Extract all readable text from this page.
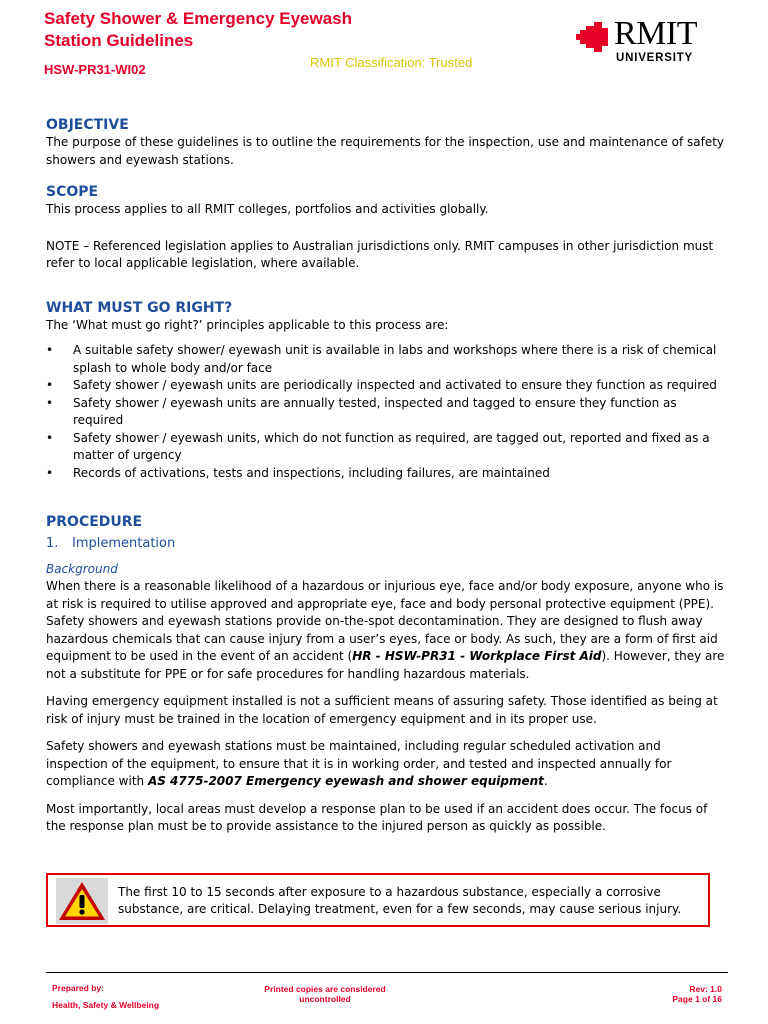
Safety Shower & Emergency Eyewash Station Guidelines
HSW-PR31-WI02	RMIT Classification: Trusted
RMIT
UNIVERSITY
OBJECTIVE

The purpose of these guidelines is to outline the requirements for the inspection, use and maintenance of safety showers and eyewash stations.

SCOPE

This process applies to all RMIT colleges, portfolios and activities globally.

NOTE – Referenced legislation applies to Australian jurisdictions only. RMIT campuses in other jurisdiction must refer to local applicable legislation, where available.

WHAT MUST GO RIGHT?

The ‘What must go right?’ principles applicable to this process are:

• A suitable safety shower/ eyewash unit is available in labs and workshops where there is a risk of chemical splash to whole body and/or face
• Safety shower / eyewash units are periodically inspected and activated to ensure they function as required
• Safety shower / eyewash units are annually tested, inspected and tagged to ensure they function as required
• Safety shower / eyewash units, which do not function as required, are tagged out, reported and fixed as a matter of urgency
• Records of activations, tests and inspections, including failures, are maintained
PROCEDURE
1. Implementation
Background

When there is a reasonable likelihood of a hazardous or injurious eye, face and/or body exposure, anyone who is at risk is required to utilise approved and appropriate eye, face and body personal protective equipment (PPE). Safety showers and eyewash stations provide on-the-spot decontamination. They are designed to flush away hazardous chemicals that can cause injury from a user’s eyes, face or body. As such, they are a form of first aid equipment to be used in the event of an accident (HR - HSW-PR31 - Workplace First Aid). However, they are not a substitute for PPE or for safe procedures for handling hazardous materials.

Having emergency equipment installed is not a sufficient means of assuring safety. Those identified as being at risk of injury must be trained in the location of emergency equipment and in its proper use.

Safety showers and eyewash stations must be maintained, including regular scheduled activation and inspection of the equipment, to ensure that it is in working order, and tested and inspected annually for compliance with AS 4775-2007 Emergency eyewash and shower equipment.

Most importantly, local areas must develop a response plan to be used if an accident does occur. The focus of the response plan must be to provide assistance to the injured person as quickly as possible.

The first 10 to 15 seconds after exposure to a hazardous substance, especially a corrosive substance, are critical. Delaying treatment, even for a few seconds, may cause serious injury.
Prepared by:
Health, Safety & Wellbeing
Printed copies are considered
uncontrolled
Rev: 1.0
Page 1 of 16
